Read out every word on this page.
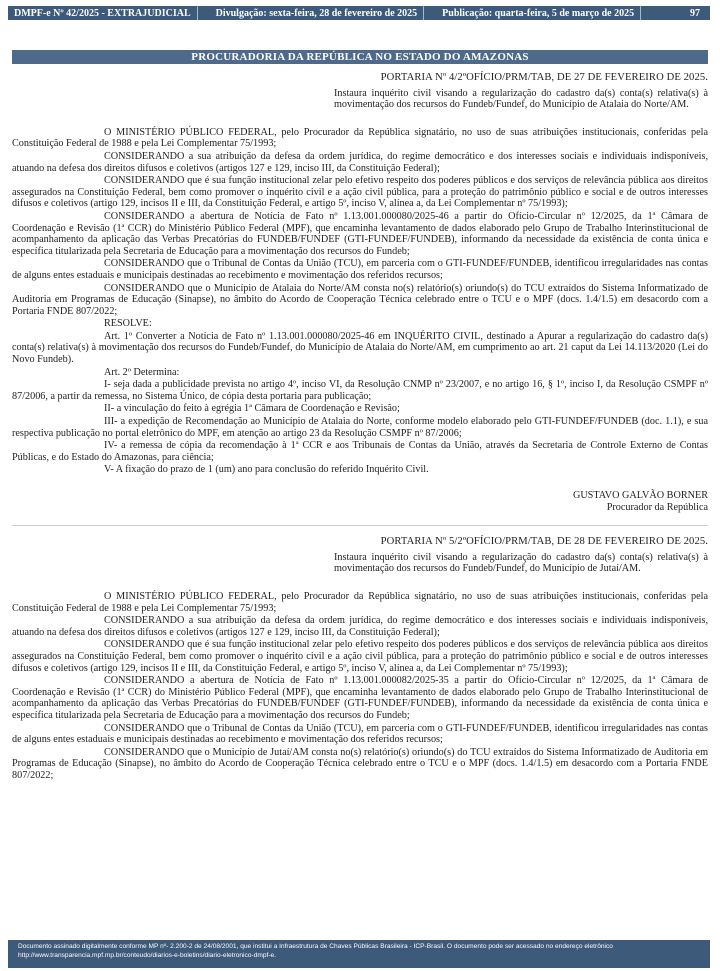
DMPF-e Nº 42/2025 - EXTRAJUDICIAL	Divulgação: sexta-feira, 28 de fevereiro de 2025	Publicação: quarta-feira, 5 de março de 2025	97
PROCURADORIA DA REPÚBLICA NO ESTADO DO AMAZONAS
PORTARIA Nº 4/2ºOFÍCIO/PRM/TAB, DE 27 DE FEVEREIRO DE 2025.
Instaura inquérito civil visando a regularização do cadastro da(s) conta(s) relativa(s) à movimentação dos recursos do Fundeb/Fundef, do Município de Atalaia do Norte/AM.

O MINISTÉRIO PÚBLICO FEDERAL, pelo Procurador da República signatário, no uso de suas atribuições institucionais, conferidas pela Constituição Federal de 1988 e pela Lei Complementar 75/1993;

CONSIDERANDO a sua atribuição da defesa da ordem jurídica, do regime democrático e dos interesses sociais e individuais indisponíveis, atuando na defesa dos direitos difusos e coletivos (artigos 127 e 129, inciso III, da Constituição Federal);

CONSIDERANDO que é sua função institucional zelar pelo efetivo respeito dos poderes públicos e dos serviços de relevância pública aos direitos assegurados na Constituição Federal, bem como promover o inquérito civil e a ação civil pública, para a proteção do patrimônio público e social e de outros interesses difusos e coletivos (artigo 129, incisos II e III, da Constituição Federal, e artigo 5º, inciso V, alínea a, da Lei Complementar nº 75/1993);

CONSIDERANDO a abertura de Notícia de Fato nº 1.13.001.000080/2025-46 a partir do Ofício-Circular nº 12/2025, da 1ª Câmara de Coordenação e Revisão (1ª CCR) do Ministério Público Federal (MPF), que encaminha levantamento de dados elaborado pelo Grupo de Trabalho Interinstitucional de acompanhamento da aplicação das Verbas Precatórias do FUNDEB/FUNDEF (GTI-FUNDEF/FUNDEB), informando da necessidade da existência de conta única e específica titularizada pela Secretaria de Educação para a movimentação dos recursos do Fundeb;

CONSIDERANDO que o Tribunal de Contas da União (TCU), em parceria com o GTI-FUNDEF/FUNDEB, identificou irregularidades nas contas de alguns entes estaduais e municipais destinadas ao recebimento e movimentação dos referidos recursos;

CONSIDERANDO que o Município de Atalaia do Norte/AM consta no(s) relatório(s) oriundo(s) do TCU extraídos do Sistema Informatizado de Auditoria em Programas de Educação (Sinapse), no âmbito do Acordo de Cooperação Técnica celebrado entre o TCU e o MPF (docs. 1.4/1.5) em desacordo com a Portaria FNDE 807/2022;

RESOLVE:

Art. 1º Converter a Notícia de Fato nº 1.13.001.000080/2025-46 em INQUÉRITO CIVIL, destinado a Apurar a regularização do cadastro da(s) conta(s) relativa(s) à movimentação dos recursos do Fundeb/Fundef, do Município de Atalaia do Norte/AM, em cumprimento ao art. 21 caput da Lei 14.113/2020 (Lei do Novo Fundeb).

Art. 2º Determina:

I- seja dada a publicidade prevista no artigo 4º, inciso VI, da Resolução CNMP nº 23/2007, e no artigo 16, § 1º, inciso I, da Resolução CSMPF nº 87/2006, a partir da remessa, no Sistema Único, de cópia desta portaria para publicação;

II- a vinculação do feito à egrégia 1ª Câmara de Coordenação e Revisão;

III- a expedição de Recomendação ao Município de Atalaia do Norte, conforme modelo elaborado pelo GTI-FUNDEF/FUNDEB (doc. 1.1), e sua respectiva publicação no portal eletrônico do MPF, em atenção ao artigo 23 da Resolução CSMPF nº 87/2006;

IV- a remessa de cópia da recomendação à 1ª CCR e aos Tribunais de Contas da União, através da Secretaria de Controle Externo de Contas Públicas, e do Estado do Amazonas, para ciência;

V- A fixação do prazo de 1 (um) ano para conclusão do referido Inquérito Civil.

GUSTAVO GALVÃO BORNER
Procurador da República
PORTARIA Nº 5/2ºOFÍCIO/PRM/TAB, DE 28 DE FEVEREIRO DE 2025.
Instaura inquérito civil visando a regularização do cadastro da(s) conta(s) relativa(s) à movimentação dos recursos do Fundeb/Fundef, do Município de Jutaí/AM.

O MINISTÉRIO PÚBLICO FEDERAL, pelo Procurador da República signatário, no uso de suas atribuições institucionais, conferidas pela Constituição Federal de 1988 e pela Lei Complementar 75/1993;

CONSIDERANDO a sua atribuição da defesa da ordem jurídica, do regime democrático e dos interesses sociais e individuais indisponíveis, atuando na defesa dos direitos difusos e coletivos (artigos 127 e 129, inciso III, da Constituição Federal);

CONSIDERANDO que é sua função institucional zelar pelo efetivo respeito dos poderes públicos e dos serviços de relevância pública aos direitos assegurados na Constituição Federal, bem como promover o inquérito civil e a ação civil pública, para a proteção do patrimônio público e social e de outros interesses difusos e coletivos (artigo 129, incisos II e III, da Constituição Federal, e artigo 5º, inciso V, alínea a, da Lei Complementar nº 75/1993);

CONSIDERANDO a abertura de Notícia de Fato nº 1.13.001.000082/2025-35 a partir do Ofício-Circular nº 12/2025, da 1ª Câmara de Coordenação e Revisão (1ª CCR) do Ministério Público Federal (MPF), que encaminha levantamento de dados elaborado pelo Grupo de Trabalho Interinstitucional de acompanhamento da aplicação das Verbas Precatórias do FUNDEB/FUNDEF (GTI-FUNDEF/FUNDEB), informando da necessidade da existência de conta única e específica titularizada pela Secretaria de Educação para a movimentação dos recursos do Fundeb;

CONSIDERANDO que o Tribunal de Contas da União (TCU), em parceria com o GTI-FUNDEF/FUNDEB, identificou irregularidades nas contas de alguns entes estaduais e municipais destinadas ao recebimento e movimentação dos referidos recursos;

CONSIDERANDO que o Município de Jutaí/AM consta no(s) relatório(s) oriundo(s) do TCU extraídos do Sistema Informatizado de Auditoria em Programas de Educação (Sinapse), no âmbito do Acordo de Cooperação Técnica celebrado entre o TCU e o MPF (docs. 1.4/1.5) em desacordo com a Portaria FNDE 807/2022;

Documento assinado digitalmente conforme MP nº- 2.200-2 de 24/08/2001, que institui a Infraestrutura de Chaves Públicas Brasileira - ICP-Brasil. O documento pode ser acessado no endereço eletrônico http://www.transparencia.mpf.mp.br/conteudo/diarios-e-boletins/diario-eletronico-dmpf-e.
